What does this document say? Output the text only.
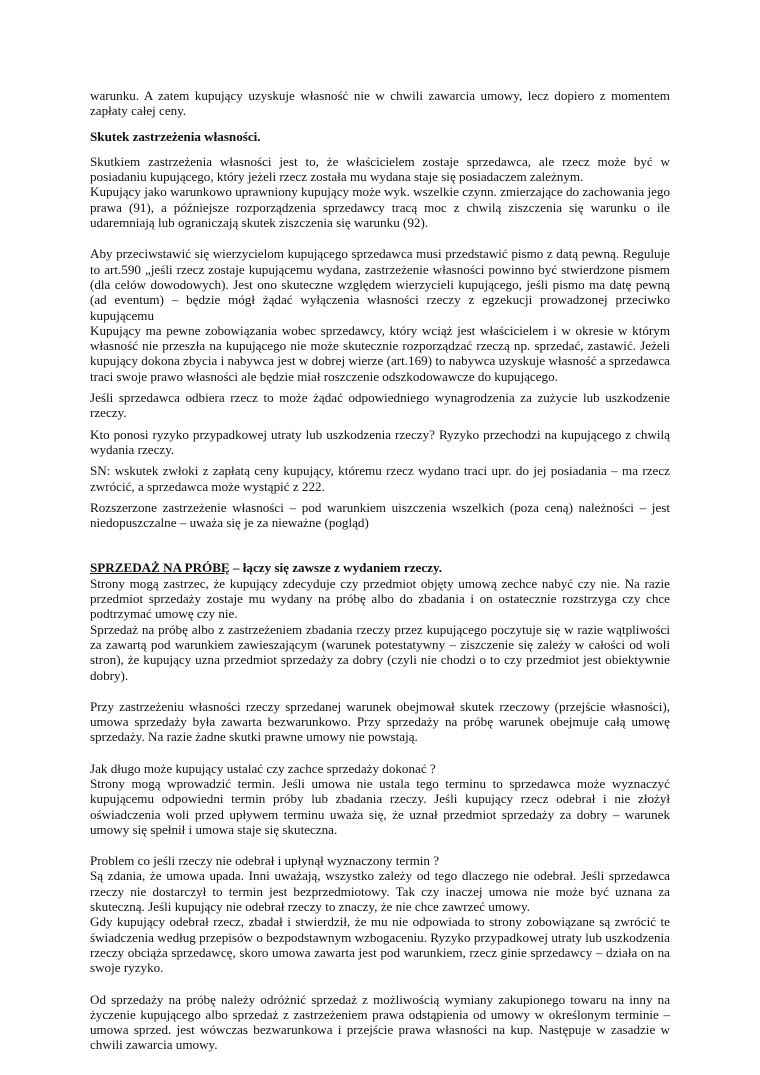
warunku. A zatem kupujący uzyskuje własność nie w chwili zawarcia umowy, lecz dopiero z momentem zapłaty całej ceny.

Skutek zastrzeżenia własności.

Skutkiem zastrzeżenia własności jest to, że właścicielem zostaje sprzedawca, ale rzecz może być w posiadaniu kupującego, który jeżeli rzecz została mu wydana staje się posiadaczem zależnym.

Kupujący jako warunkowo uprawniony kupujący może wyk. wszelkie czynn. zmierzające do zachowania jego prawa (91), a późniejsze rozporządzenia sprzedawcy tracą moc z chwilą ziszczenia się warunku o ile udaremniają lub ograniczają skutek ziszczenia się warunku (92).

Aby przeciwstawić się wierzycielom kupującego sprzedawca musi przedstawić pismo z datą pewną. Reguluje to art.590 „jeśli rzecz zostaje kupującemu wydana, zastrzeżenie własności powinno być stwierdzone pismem (dla celów dowodowych). Jest ono skuteczne względem wierzycieli kupującego, jeśli pismo ma datę pewną (ad eventum) – będzie mógł żądać wyłączenia własności rzeczy z egzekucji prowadzonej przeciwko kupującemu

Kupujący ma pewne zobowiązania wobec sprzedawcy, który wciąż jest właścicielem i w okresie w którym własność nie przeszła na kupującego nie może skutecznie rozporządzać rzeczą np. sprzedać, zastawić. Jeżeli kupujący dokona zbycia i nabywca jest w dobrej wierze (art.169) to nabywca uzyskuje własność a sprzedawca traci swoje prawo własności ale będzie miał roszczenie odszkodowawcze do kupującego.

Jeśli sprzedawca odbiera rzecz to może żądać odpowiedniego wynagrodzenia za zużycie lub uszkodzenie rzeczy.

Kto ponosi ryzyko przypadkowej utraty lub uszkodzenia rzeczy? Ryzyko przechodzi na kupującego z chwilą wydania rzeczy.

SN: wskutek zwłoki z zapłatą ceny kupujący, któremu rzecz wydano traci upr. do jej posiadania – ma rzecz zwrócić, a sprzedawca może wystąpić z 222.

Rozszerzone zastrzeżenie własności – pod warunkiem uiszczenia wszelkich (poza ceną) należności – jest niedopuszczalne – uważa się je za nieważne (pogląd)

SPRZEDAŻ NA PRÓBĘ – łączy się zawsze z wydaniem rzeczy.

Strony mogą zastrzec, że kupujący zdecyduje czy przedmiot objęty umową zechce nabyć czy nie. Na razie przedmiot sprzedaży zostaje mu wydany na próbę albo do zbadania i on ostatecznie rozstrzyga czy chce podtrzymać umowę czy nie.

Sprzedaż na próbę albo z zastrzeżeniem zbadania rzeczy przez kupującego poczytuje się w razie wątpliwości za zawartą pod warunkiem zawieszającym (warunek potestatywny – ziszczenie się zależy w całości od woli stron), że kupujący uzna przedmiot sprzedaży za dobry (czyli nie chodzi o to czy przedmiot jest obiektywnie dobry).

Przy zastrzeżeniu własności rzeczy sprzedanej warunek obejmował skutek rzeczowy (przejście własności), umowa sprzedaży była zawarta bezwarunkowo. Przy sprzedaży na próbę warunek obejmuje całą umowę sprzedaży. Na razie żadne skutki prawne umowy nie powstają.

Jak długo może kupujący ustalać czy zachce sprzedaży dokonać ?

Strony mogą wprowadzić termin. Jeśli umowa nie ustala tego terminu to sprzedawca może wyznaczyć kupującemu odpowiedni termin próby lub zbadania rzeczy. Jeśli kupujący rzecz odebrał i nie złożył oświadczenia woli przed upływem terminu uważa się, że uznał przedmiot sprzedaży za dobry – warunek umowy się spełnił i umowa staje się skuteczna.

Problem co jeśli rzeczy nie odebrał i upłynął wyznaczony termin ?

Są zdania, że umowa upada. Inni uważają, wszystko zależy od tego dlaczego nie odebrał. Jeśli sprzedawca rzeczy nie dostarczył to termin jest bezprzedmiotowy. Tak czy inaczej umowa nie może być uznana za skuteczną. Jeśli kupujący nie odebrał rzeczy to znaczy, że nie chce zawrzeć umowy.

Gdy kupujący odebrał rzecz, zbadał i stwierdził, że mu nie odpowiada to strony zobowiązane są zwrócić te świadczenia według przepisów o bezpodstawnym wzbogaceniu. Ryzyko przypadkowej utraty lub uszkodzenia rzeczy obciąża sprzedawcę, skoro umowa zawarta jest pod warunkiem, rzecz ginie sprzedawcy – działa on na swoje ryzyko.

Od sprzedaży na próbę należy odróżnić sprzedaż z możliwością wymiany zakupionego towaru na inny na życzenie kupującego albo sprzedaż z zastrzeżeniem prawa odstąpienia od umowy w określonym terminie – umowa sprzed. jest wówczas bezwarunkowa i przejście prawa własności na kup. Następuje w zasadzie w chwili zawarcia umowy.
